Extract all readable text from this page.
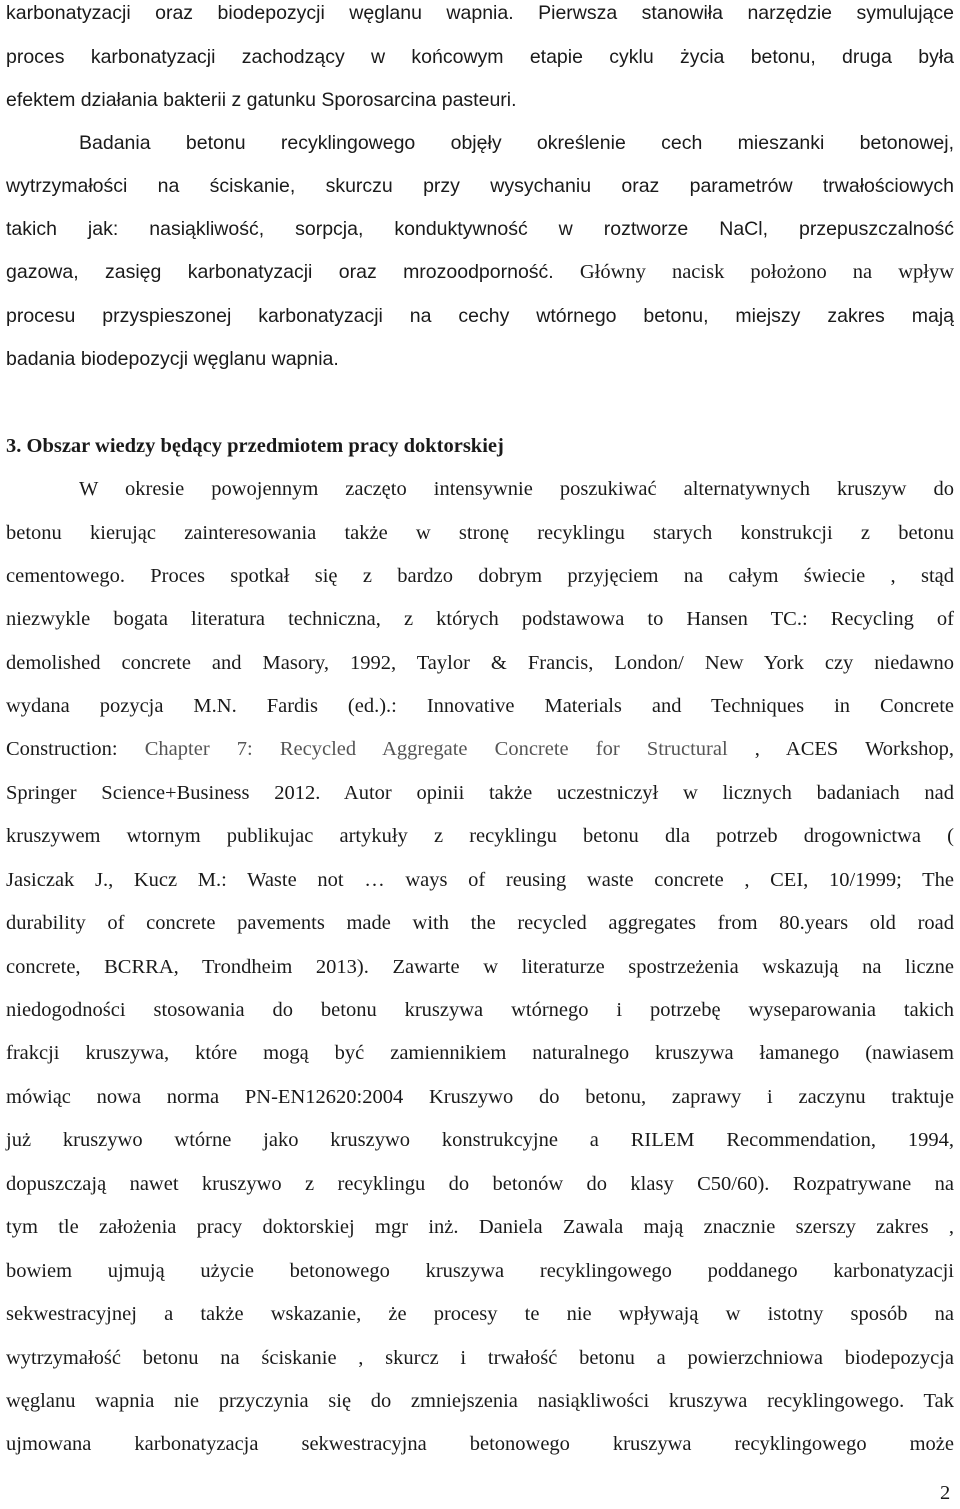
karbonatyzacji oraz biodepozycji węglanu wapnia. Pierwsza stanowiła narzędzie symulujące

proces karbonatyzacji zachodzący w końcowym etapie cyklu życia betonu, druga była

efektem działania bakterii z gatunku Sporosarcina pasteuri.

Badania betonu recyklingowego objęły określenie cech mieszanki betonowej,

wytrzymałości na ściskanie, skurczu przy wysychaniu oraz parametrów trwałościowych

takich jak: nasiąkliwość, sorpcja, konduktywność w roztworze NaCl, przepuszczalność

gazowa, zasięg karbonatyzacji oraz mrozoodporność. Główny nacisk położono na wpływ

procesu przyspieszonej karbonatyzacji na cechy wtórnego betonu, miejszy zakres mają

badania biodepozycji węglanu wapnia.

3. Obszar wiedzy będący przedmiotem pracy doktorskiej

W okresie powojennym zaczęto intensywnie poszukiwać alternatywnych kruszyw do

betonu kierując zainteresowania także w stronę recyklingu starych konstrukcji z betonu

cementowego. Proces spotkał się z bardzo dobrym przyjęciem na całym świecie , stąd

niezwykle bogata literatura techniczna, z których podstawowa to Hansen TC.: Recycling of

demolished concrete and Masory, 1992, Taylor & Francis, London/ New York czy niedawno

wydana pozycja M.N. Fardis (ed.).: Innovative Materials and Techniques in Concrete

Construction: Chapter 7: Recycled Aggregate Concrete for Structural , ACES Workshop,

Springer Science+Business 2012. Autor opinii także uczestniczył w licznych badaniach nad

kruszywem wtornym publikujac artykuły z recyklingu betonu dla potrzeb drogownictwa (

Jasiczak J., Kucz M.: Waste not … ways of reusing waste concrete , CEI, 10/1999; The

durability of concrete pavements made with the recycled aggregates from 80.years old road

concrete, BCRRA, Trondheim 2013). Zawarte w literaturze spostrzeżenia wskazują na liczne

niedogodności stosowania do betonu kruszywa wtórnego i potrzebę wyseparowania takich

frakcji kruszywa, które mogą być zamiennikiem naturalnego kruszywa łamanego (nawiasem

mówiąc nowa norma PN-EN12620:2004 Kruszywo do betonu, zaprawy i zaczynu traktuje

już kruszywo wtórne jako kruszywo konstrukcyjne a RILEM Recommendation, 1994,

dopuszczają nawet kruszywo z recyklingu do betonów do klasy C50/60). Rozpatrywane na

tym tle założenia pracy doktorskiej mgr inż. Daniela Zawala mają znacznie szerszy zakres ,

bowiem ujmują użycie betonowego kruszywa recyklingowego poddanego karbonatyzacji

sekwestracyjnej a także wskazanie, że procesy te nie wpływają w istotny sposób na

wytrzymałość betonu na ściskanie , skurcz i trwałość betonu a powierzchniowa biodepozycja

węglanu wapnia nie przyczynia się do zmniejszenia nasiąkliwości kruszywa recyklingowego. Tak

ujmowana karbonatyzacja sekwestracyjna betonowego kruszywa recyklingowego może

2
